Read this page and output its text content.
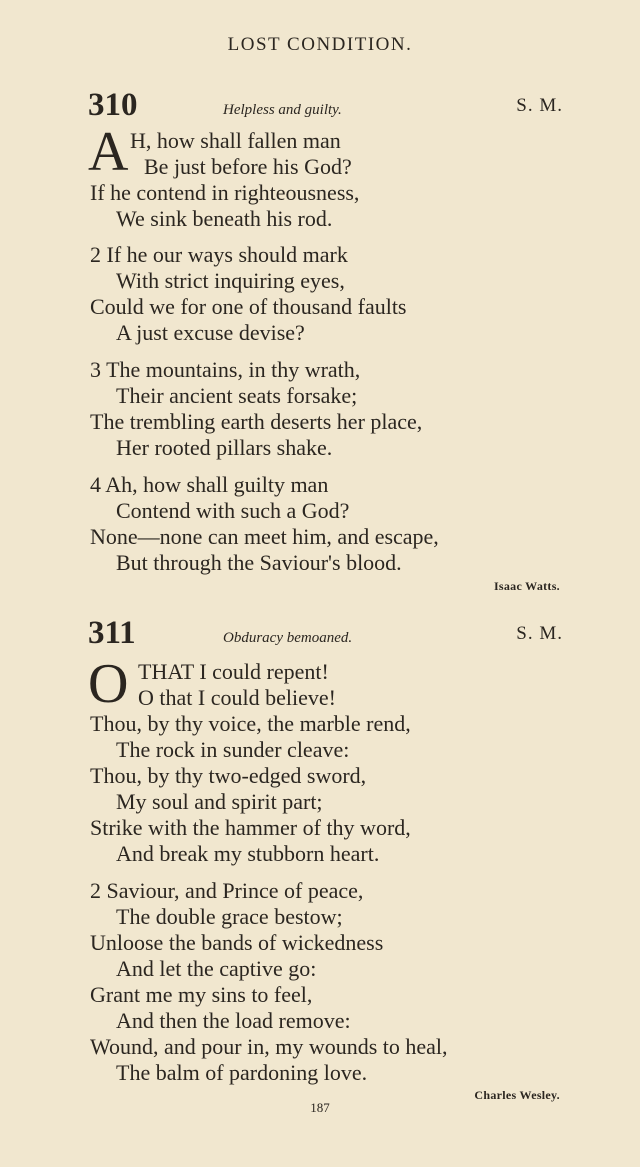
LOST CONDITION.
310	Helpless and guilty.	S. M.
A H, how shall fallen man
Be just before his God?
If he contend in righteousness,
We sink beneath his rod.
2 If he our ways should mark
With strict inquiring eyes,
Could we for one of thousand faults
A just excuse devise?
3 The mountains, in thy wrath,
Their ancient seats forsake;
The trembling earth deserts her place,
Her rooted pillars shake.
4 Ah, how shall guilty man
Contend with such a God?
None—none can meet him, and escape,
But through the Saviour's blood.
Isaac Watts.
311	Obduracy bemoaned.	S. M.
O THAT I could repent!
O that I could believe!
Thou, by thy voice, the marble rend,
The rock in sunder cleave:
Thou, by thy two-edged sword,
My soul and spirit part;
Strike with the hammer of thy word,
And break my stubborn heart.
2 Saviour, and Prince of peace,
The double grace bestow;
Unloose the bands of wickedness
And let the captive go:
Grant me my sins to feel,
And then the load remove:
Wound, and pour in, my wounds to heal,
The balm of pardoning love.
Charles Wesley.
187
